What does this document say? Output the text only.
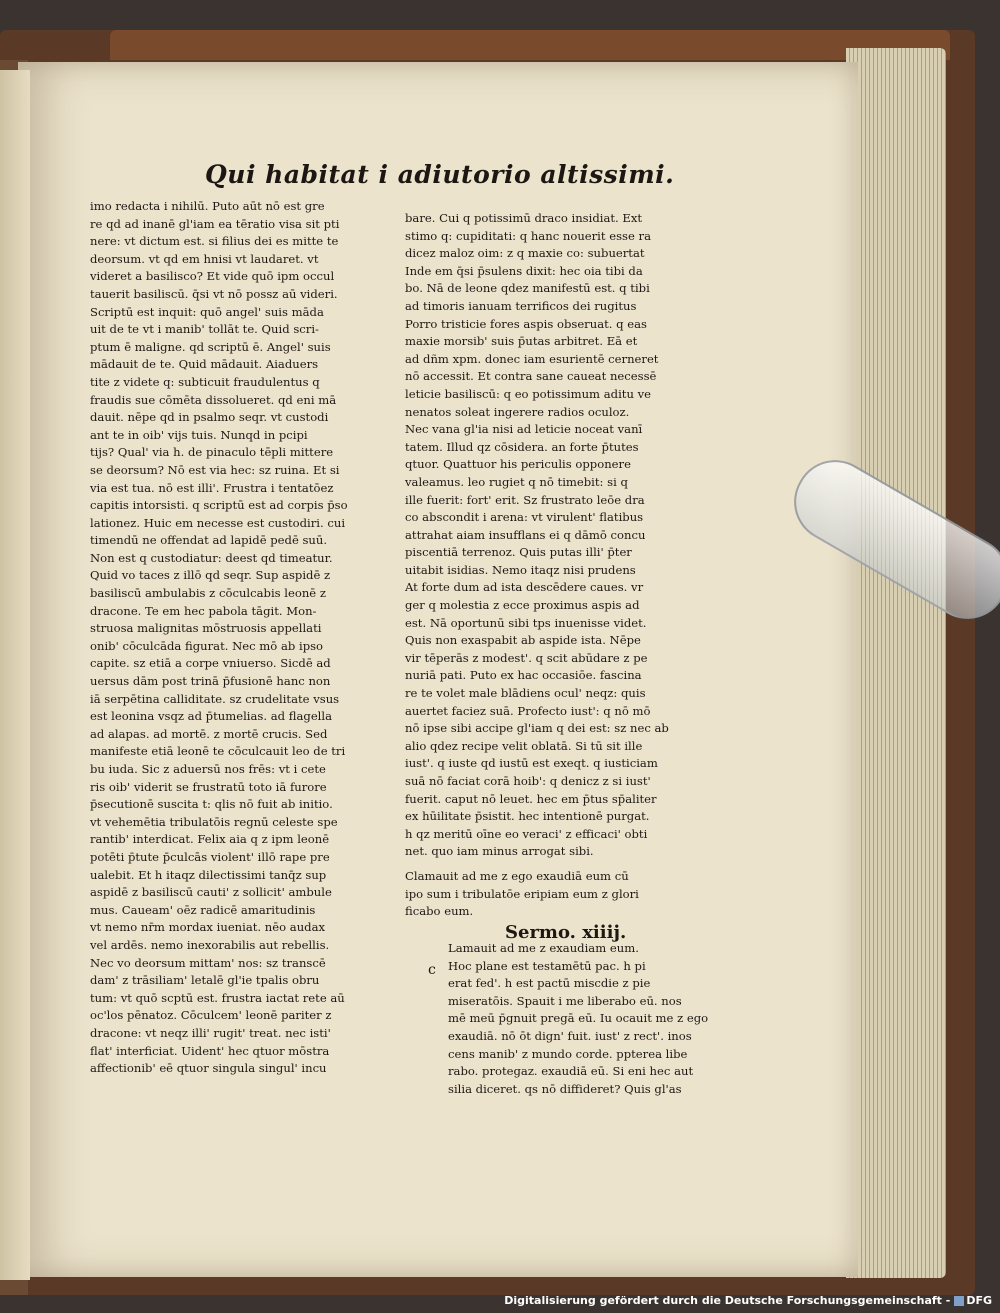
Qui habitat i adiutorio altissimi.
imo redacta i nihilū. Puto aūt nō est gre
re qd ad inanē gl'iam ea tēratio visa sit pti
nere: vt dictum est. si filius dei es mitte te
deorsum. vt qd em hnisi vt laudaret. vt
videret a basilisco? Et vide quō ipm occul
tauerit basiliscū. q̄si vt nō possz aū videri.
Scriptū est inquit: quō angel' suis māda
uit de te vt i manib' tollāt te. Quid scri-
ptum ē maligne. qd scriptū ē. Angel' suis
mādauit de te. Quid mādauit. Aiaduers
tite z videte q: subticuit fraudulentus q
fraudis sue cōmēta dissolueret. qd eni mā
dauit. nēpe qd in psalmo seqr. vt custodi
ant te in oib' vijs tuis. Nunqd in pcipi
tijs? Qual' via h. de pinaculo tēpli mittere
se deorsum? Nō est via hec: sz ruina. Et si
via est tua. nō est illi'. Frustra i tentatōez
capitis intorsisti. q scriptū est ad corpis p̄so
lationez. Huic em necesse est custodiri. cui
timendū ne offendat ad lapidē pedē suū.
Non est q custodiatur: deest qd timeatur.
Quid vo taces z illō qd seqr. Sup aspidē z
basiliscū ambulabis z cōculcabis leonē z
dracone. Te em hec pabola tāgit. Mon-
struosa malignitas mōstruosis appellati
onib' cōculcāda figurat. Nec mō ab ipso
capite. sz etiā a corpe vniuerso. Sicdē ad
uersus dām post trinā p̄fusionē hanc non
iā serpētina calliditate. sz crudelitate vsus
est leonina vsqz ad p̄tumelias. ad flagella
ad alapas. ad mortē. z mortē crucis. Sed
manifeste etiā leonē te cōculcauit leo de tri
bu iuda. Sic z aduersū nos frēs: vt i cete
ris oib' viderit se frustratū toto iā furore
p̄secutionē suscita t: qlis nō fuit ab initio.
vt vehemētia tribulatōis regnū celeste spe
rantib' interdicat. Felix aia q z ipm leonē
potēti p̄tute p̄culcās violent' illō rape pre
ualebit. Et h itaqz dilectissimi tanq̄z sup
aspidē z basiliscū cauti' z sollicit' ambule
mus. Caueam' oēz radicē amaritudinis
vt nemo nr̄m mordax iueniat. nēo audax
vel ardēs. nemo inexorabilis aut rebellis.
Nec vo deorsum mittam' nos: sz transcē
dam' z trāsiliam' letalē gl'ie tpalis obru
tum: vt quō scptū est. frustra iactat rete aū
oc'los pēnatoz. Cōculcem' leonē pariter z
dracone: vt neqz illi' rugit' treat. nec isti'
flat' interficiat. Uident' hec qtuor mōstra
affectionib' eē qtuor singula singul' incu
bare. Cui q potissimū draco insidiat. Ext
stimo q: cupiditati: q hanc nouerit esse ra
dicez maloz oim: z q maxie co: subuertat
Inde em q̄si p̄sulens dixit: hec oia tibi da
bo. Nā de leone qdez manifestū est. q tibi
ad timoris ianuam terrificos dei rugitus
Porro tristicie fores aspis obseruat. q eas
maxie morsib' suis p̄utas arbitret. Eā et
ad dñm xpm. donec iam esurientē cerneret
nō accessit. Et contra sane caueat necessē
leticie basiliscū: q eo potissimum aditu ve
nenatos soleat ingerere radios oculoz.
Nec vana gl'ia nisi ad leticie noceat vanī
tatem. Illud qz cōsidera. an forte p̄tutes
qtuor. Quattuor his periculis opponere
valeamus. leo rugiet q nō timebit: si q
ille fuerit: fort' erit. Sz frustrato leōe dra
co abscondit i arena: vt virulent' flatibus
attrahat aiam insufflans ei q dāmō concu
piscentiā terrenoz. Quis putas illi' p̄ter
uitabit isidias. Nemo itaqz nisi prudens
At forte dum ad ista descēdere caues. vr
ger q molestia z ecce proximus aspis ad
est. Nā oportunū sibi tps inuenisse videt.
Quis non exaspabit ab aspide ista. Nēpe
vir tēperās z modest'. q scit abūdare z pe
nuriā pati. Puto ex hac occasiōe. fascina
re te volet male blādiens ocul' neqz: quis
auertet faciez suā. Profecto iust': q nō mō
nō ipse sibi accipe gl'iam q dei est: sz nec ab
alio qdez recipe velit oblatā. Si tū sit ille
iust'. q iuste qd iustū est exeqt. q iusticiam
suā nō faciat corā hoib': q denicz z si iust'
fuerit. caput nō leuet. hec em p̄tus sp̄aliter
ex hūilitate p̄sistit. hec intentionē purgat.
h qz meritū oīne eo veraci' z efficaci' obti
net. quo iam minus arrogat sibi.
Clamauit ad me z ego exaudiā eum cū
ipo sum i tribulatōe eripiam eum z glori
ficabo eum.
Sermo. xiiij.
c
Lamauit ad me z exaudiam eum.
Hoc plane est testamētū pac. h pi
erat fed'. h est pactū miscdie z pie
miseratōis. Spauit i me liberabo eū. nos
mē meū p̄gnuit pregā eū. Iu ocauit me z ego
exaudiā. nō ōt dign' fuit. iust' z rect'. inos
cens manib' z mundo corde. ppterea libe
rabo. protegaz. exaudiā eū. Si eni hec aut
silia diceret. qs nō diffideret? Quis gl'as
Digitalisierung gefördert durch die Deutsche Forschungsgemeinschaft - DFG
